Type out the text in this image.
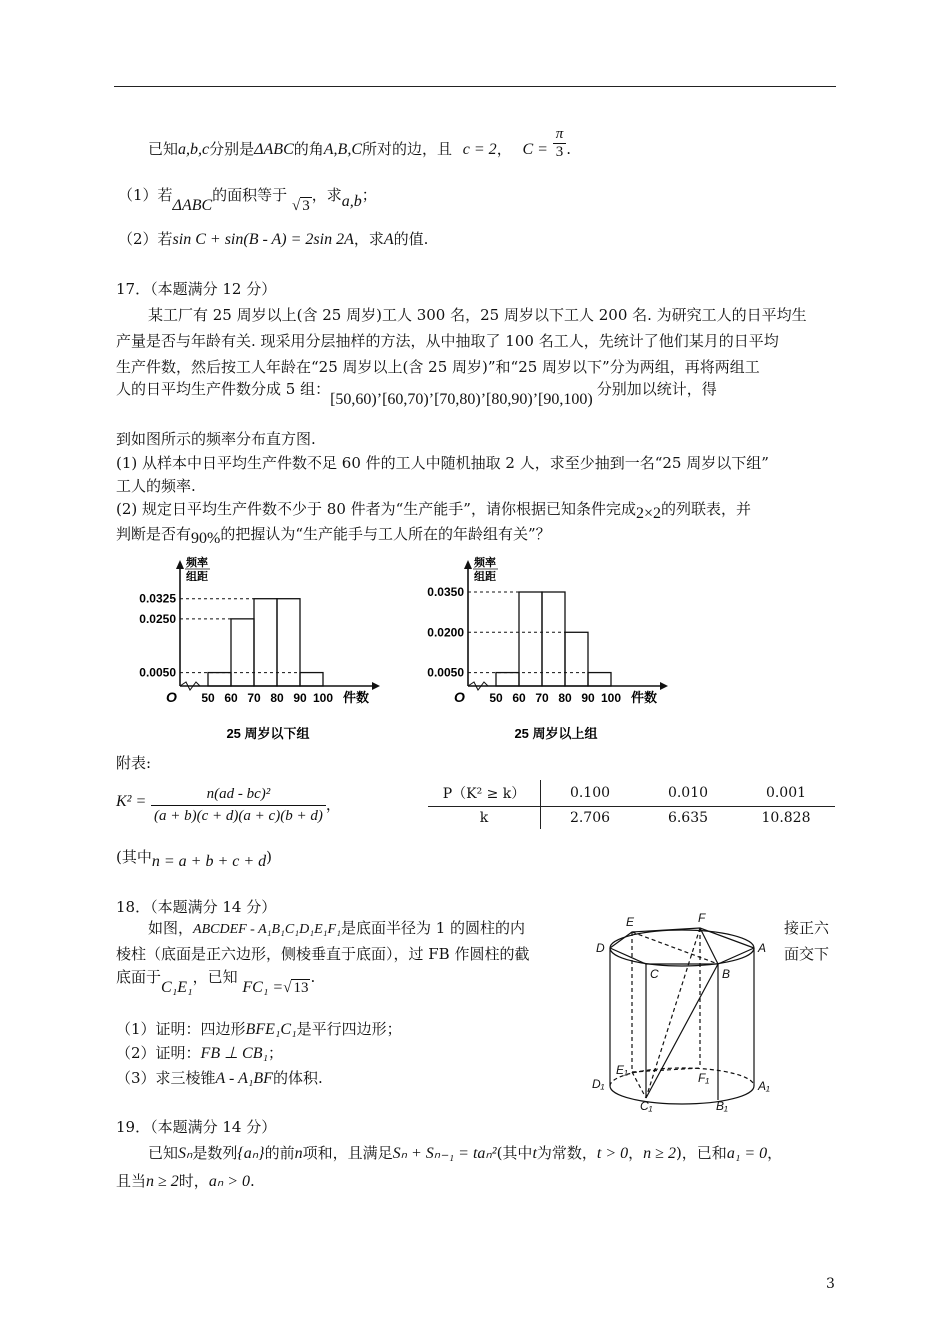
已知a,b,c分别是ΔABC的角A,B,C所对的边，且 c = 2， $C = \frac{\pi}{3}$ .
（1）若ΔABC的面积等于 √ 3，求a,b；
（2）若sin C + sin(B - A) = 2sin 2A，求A的值.
17．（本题满分 12 分）
某工厂有 25 周岁以上(含 25 周岁)工人 300 名，25 周岁以下工人 200 名. 为研究工人的日平均生
产量是否与年龄有关. 现采用分层抽样的方法，从中抽取了 100 名工人，先统计了他们某月的日平均
生产件数，然后按工人年龄在“25 周岁以上(含 25 周岁)”和“25 周岁以下”分为两组，再将两组工
人的日平均生产件数分成 5 组：[50,60)’[60,70)’[70,80)’[80,90)’[90,100)分别加以统计，得
到如图所示的频率分布直方图.
(1) 从样本中日平均生产件数不足 60 件的工人中随机抽取 2 人，求至少抽到一名“25 周岁以下组”
工人的频率.
(2) 规定日平均生产件数不少于 80 件者为“生产能手”，请你根据已知条件完成2×2的列联表，并
判断是否有90%的把握认为“生产能手与工人所在的年龄组有关”？
频率
组距
O
0.0325
0.0250
0.0050
50 60 70 80 90 100 件数
25 周岁以下组
频率
组距
O
0.0350
0.0200
0.0050
50 60 70 80 90 100 件数
25 周岁以上组
附表:
$K^2 = \frac{\text{n(ad - bc)²}}{(a + b)(c + d)(a + c)(b + d)}$ ，
(其中n = a + b + c + d)
P（K² ≥ k）	0.100	0.010	0.001
k	2.706	6.635	10.828
18．（本题满分 14 分）
如图，ABCDEF - A₁B₁C₁D₁E₁F₁是底面半径为 1 的圆柱的内	接正六
棱柱（底面是正六边形，侧棱垂直于底面），过 FB 作圆柱的截	面交下
底面于C₁E₁，已知 FC₁ =√ 13.
（1）证明：四边形BFE₁C₁是平行四边形；
（2）证明：FB ⊥ CB₁；
（3）求三棱锥A - A₁BF的体积.
E	F
D	A
C	B
E₁
F₁
D₁	A₁
C₁	B₁
19．（本题满分 14 分）
已知Sₙ是数列{aₙ}的前n项和，且满足Sₙ + Sₙ₋₁ = taₙ²(其中t为常数，t > 0，n ≥ 2)，已和a₁ = 0，
且当n ≥ 2时，aₙ > 0.
3
